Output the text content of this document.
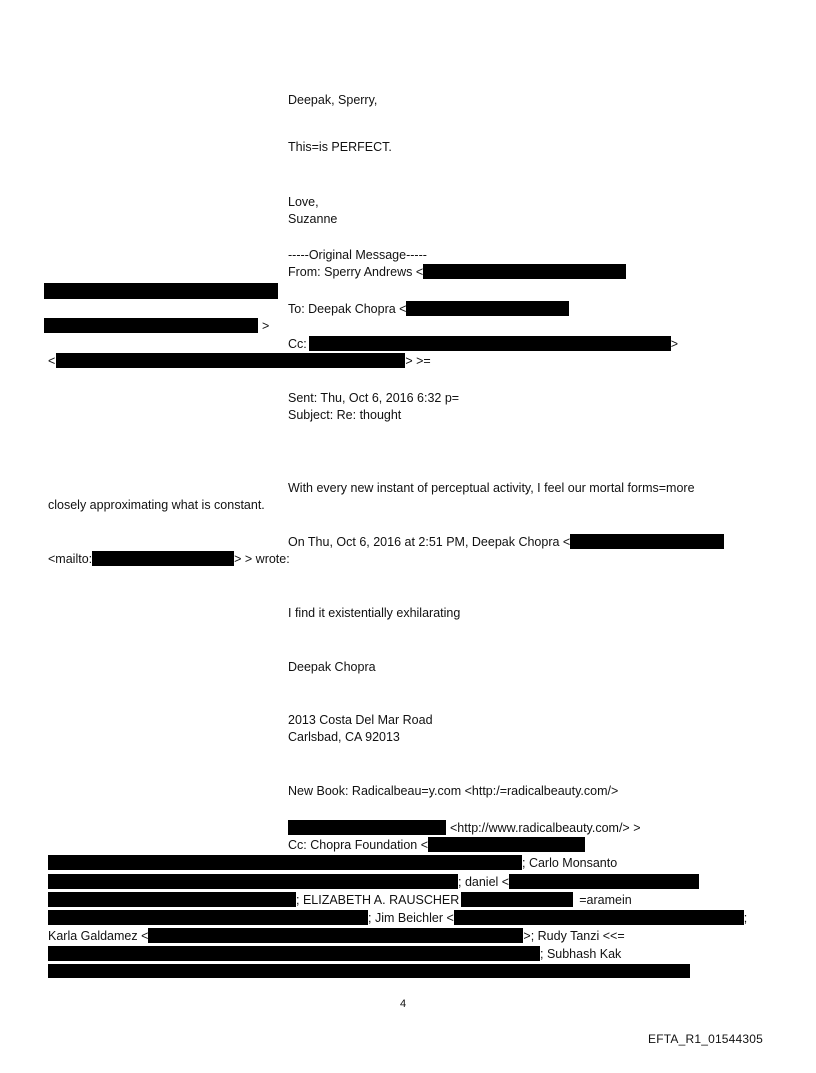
Deepak, Sperry,
This=is PERFECT.
Love,
Suzanne
-----Original Message-----
From: Sperry Andrews <
To: Deepak Chopra <
>
Cc:	>
<	> >=
Sent: Thu, Oct 6, 2016 6:32 p=
Subject: Re: thought
With every new instant of perceptual activity, I feel our mortal forms=more
closely approximating what is constant.
On Thu, Oct 6, 2016 at 2:51 PM, Deepak Chopra <
<mailto:	> > wrote:
I find it existentially exhilarating
Deepak Chopra
2013 Costa Del Mar Road
Carlsbad, CA 92013
New Book: Radicalbeau=y.com <http:/=radicalbeauty.com/>
<http://www.radicalbeauty.com/> >
Cc: Chopra Foundation <
; Carlo Monsanto
; daniel <
; ELIZABETH A. RAUSCHER	=aramein
; Jim Beichler <	;
Karla Galdamez <	>; Rudy Tanzi <<=
; Subhash Kak
4
EFTA_R1_01544305
